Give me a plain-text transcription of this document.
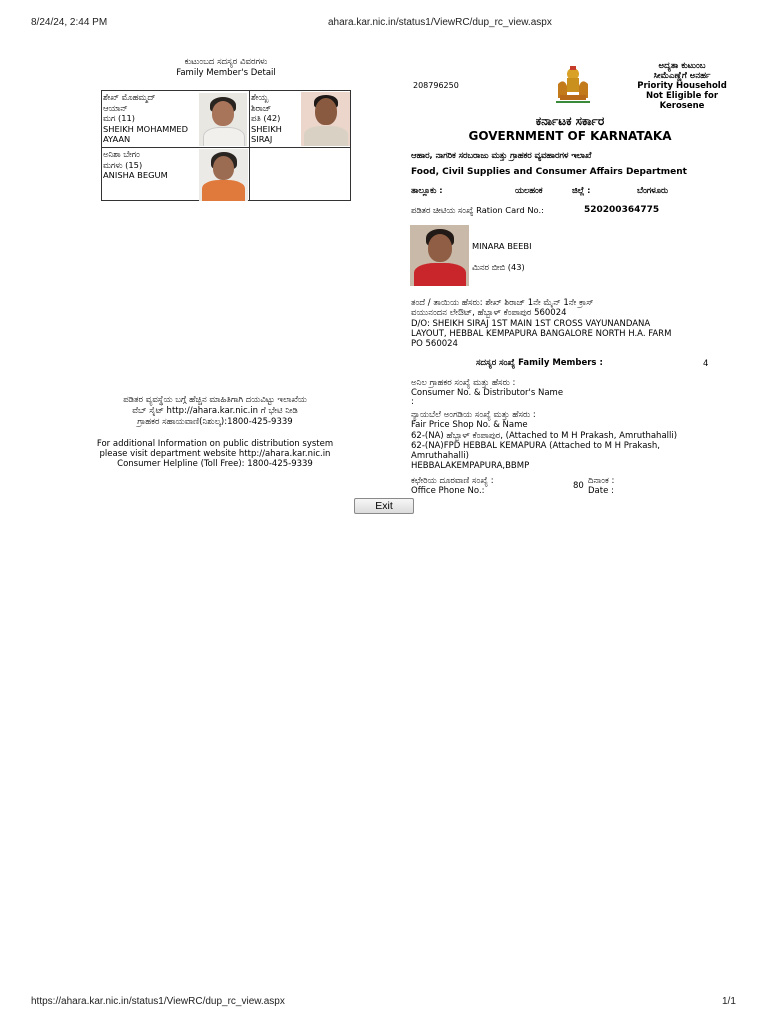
8/24/24, 2:44 PM	ahara.kar.nic.in/status1/ViewRC/dup_rc_view.aspx
ಕುಟುಂಬದ ಸದಸ್ಯರ ವಿವರಗಳು
Family Member's Detail
ಶೇಖ್ ಮೊಹಮ್ಮದ್
ಆಯಾನ್
ಮಗ (11)
SHEIKH MOHAMMED
AYAAN
ಶೇಯ್ಖ
ಶಿರಾಜ್
ಪತಿ (42)
SHEIKH
SIRAJ
ಅನಿಶಾ ಬೇಗಂ
ಮಗಳು (15)
ANISHA BEGUM
ಪಡಿತರ ವ್ಯವಸ್ಥೆಯ ಬಗ್ಗೆ ಹೆಚ್ಚಿನ ಮಾಹಿತಿಗಾಗಿ ದಯವಿಟ್ಟು ಇಲಾಖೆಯ
ವೆಬ್ ಸೈಟ್ http://ahara.kar.nic.in ಗೆ ಭೇಟಿ ನೀಡಿ
ಗ್ರಾಹಕರ ಸಹಾಯವಾಣಿ(ನಿಶುಲ್ಕ):1800-425-9339
For additional Information on public distribution system
please visit department website http://ahara.kar.nic.in
Consumer Helpline (Toll Free): 1800-425-9339
208796250
ಅದ್ಯತಾ ಕುಟುಂಬ
ಸೀಮೆಎಣ್ಣೆಗೆ ಅನರ್ಹ
Priority Household
Not Eligible for
Kerosene
ಕರ್ನಾಟಕ ಸರ್ಕಾರ
GOVERNMENT OF KARNATAKA
ಆಹಾರ, ನಾಗರಿಕ ಸರಬರಾಜು ಮತ್ತು ಗ್ರಾಹಕರ ವ್ಯವಹಾರಗಳ ಇಲಾಖೆ
Food, Civil Supplies and Consumer Affairs Department
ತಾಲ್ಲೂಕು :	ಯಲಹಂಕ	ಜಿಲ್ಲೆ :	ಬೆಂಗಳೂರು
ಪಡಿತರ ಚೀಟಿಯ ಸಂಖ್ಯೆ Ration Card No.:	520200364775
MINARA BEEBI
ಮಿನರ ಬೀಬಿ (43)
ತಂದೆ / ತಾಯಿಯ ಹೆಸರು: ಶೇಖ್ ಶಿರಾಜ್ 1ನೇ ಮೈನ್ 1ನೇ ಕ್ರಾಸ್
ವಯುನಂದನ ಲೇಔಟ್, ಹೆಬ್ಬಾಳ್ ಕೆಂಪಾಪುರ 560024
D/O: SHEIKH SIRAJ 1ST MAIN 1ST CROSS VAYUNANDANA
LAYOUT, HEBBAL KEMPAPURA BANGALORE NORTH H.A. FARM
PO 560024
ಸದಸ್ಯರ ಸಂಖ್ಯೆ Family Members :	4
ಅನಿಲ ಗ್ರಾಹಕರ ಸಂಖ್ಯೆ ಮತ್ತು ಹೆಸರು :
Consumer No. & Distributor's Name
:
ನ್ಯಾಯಬೆಲೆ ಅಂಗಡಿಯ ಸಂಖ್ಯೆ ಮತ್ತು ಹೆಸರು :
Fair Price Shop No. & Name
62-(NA) ಹೆಬ್ಬಾಳ್ ಕೆಂಪಾಪುರ, (Attached to M H Prakash, Amruthahalli)
62-(NA)FPD HEBBAL KEMAPURA (Attached to M H Prakash,
Amruthahalli)
HEBBALAKEMPAPURA,BBMP
ಕಛೇರಿಯ ದೂರವಾಣಿ ಸಂಖ್ಯೆ :
Office Phone No.:	80 ದಿನಾಂಕ :
Date :
Exit
https://ahara.kar.nic.in/status1/ViewRC/dup_rc_view.aspx	1/1
